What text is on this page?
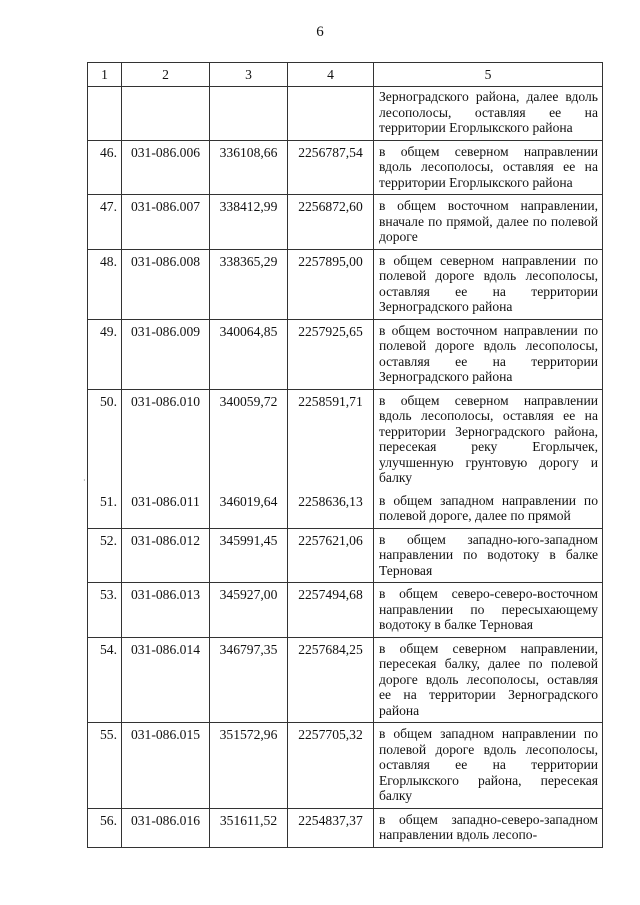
6
1	2	3	4	5
				Зерноградского района, далее вдоль лесополосы, оставляя ее на территории Егорлыкского района
46.	031-086.006	336108,66	2256787,54	в общем северном направлении вдоль лесополосы, оставляя ее на территории Егорлыкского района
47.	031-086.007	338412,99	2256872,60	в общем восточном направлении, вначале по прямой, далее по полевой дороге
48.	031-086.008	338365,29	2257895,00	в общем северном направлении по полевой дороге вдоль лесополосы, оставляя ее на территории Зерноградского района
49.	031-086.009	340064,85	2257925,65	в общем восточном направлении по полевой дороге вдоль лесополосы, оставляя ее на территории Зерноградского района
50.	031-086.010	340059,72	2258591,71	в общем северном направлении вдоль лесополосы, оставляя ее на территории Зерноградского района, пересекая реку Егорлычек, улучшенную грунтовую дорогу и балку
51.	031-086.011	346019,64	2258636,13	в общем западном направлении по полевой дороге, далее по прямой
52.	031-086.012	345991,45	2257621,06	в общем западно-юго-западном направлении по водотоку в балке Терновая
53.	031-086.013	345927,00	2257494,68	в общем северо-северо-восточном направлении по пересыхающему водотоку в балке Терновая
54.	031-086.014	346797,35	2257684,25	в общем северном направлении, пересекая балку, далее по полевой дороге вдоль лесополосы, оставляя ее на территории Зерноградского района
55.	031-086.015	351572,96	2257705,32	в общем западном направлении по полевой дороге вдоль лесополосы, оставляя ее на территории Егорлыкского района, пересекая балку
56.	031-086.016	351611,52	2254837,37	в общем западно-северо-западном направлении вдоль лесопо-
·
